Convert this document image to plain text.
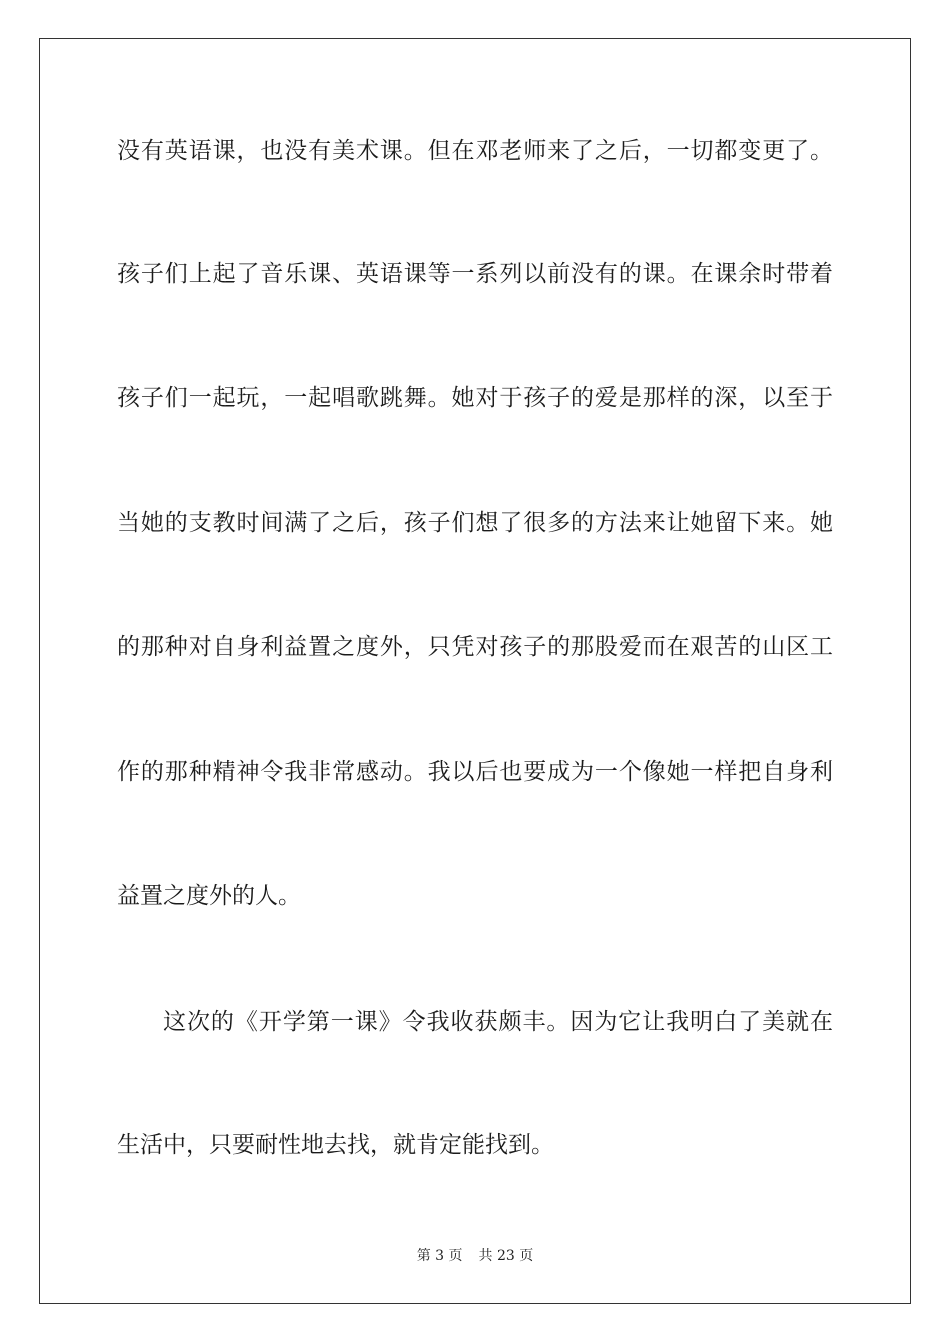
没有英语课，也没有美术课。但在邓老师来了之后，一切都变更了。
孩子们上起了音乐课、英语课等一系列以前没有的课。在课余时带着
孩子们一起玩，一起唱歌跳舞。她对于孩子的爱是那样的深，以至于
当她的支教时间满了之后，孩子们想了很多的方法来让她留下来。她
的那种对自身利益置之度外，只凭对孩子的那股爱而在艰苦的山区工
作的那种精神令我非常感动。我以后也要成为一个像她一样把自身利
益置之度外的人。
这次的《开学第一课》令我收获颇丰。因为它让我明白了美就在
生活中，只要耐性地去找，就肯定能找到。
第 3 页 共 23 页
